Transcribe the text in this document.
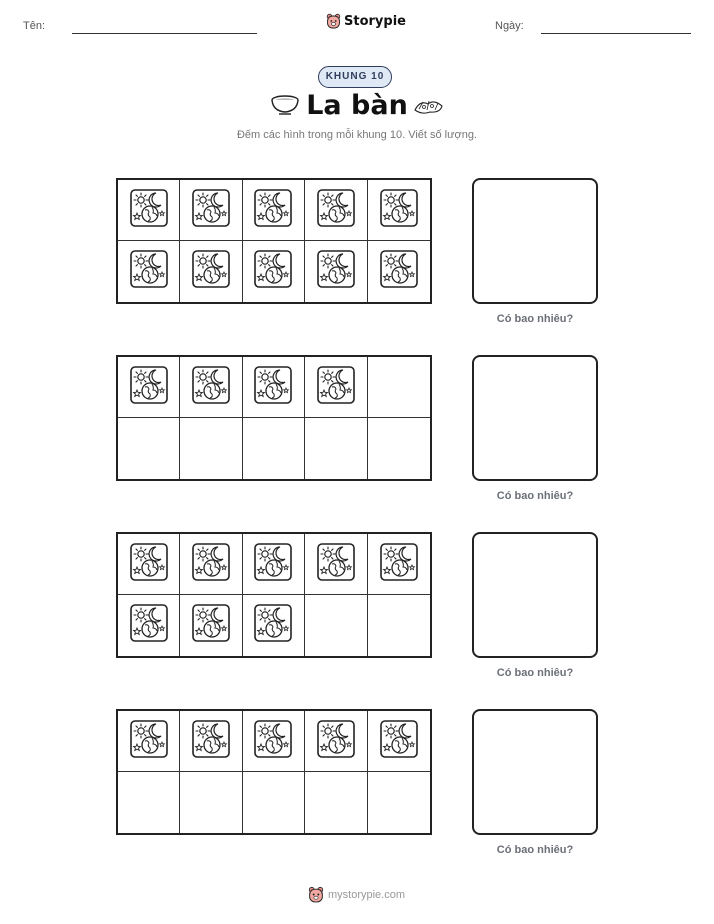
Tên:	Storypie	Ngày:
KHUNG 10
La bàn
Đếm các hình trong mỗi khung 10. Viết số lượng.
Có bao nhiêu?
Có bao nhiêu?
Có bao nhiêu?
Có bao nhiêu?
mystorypie.com
